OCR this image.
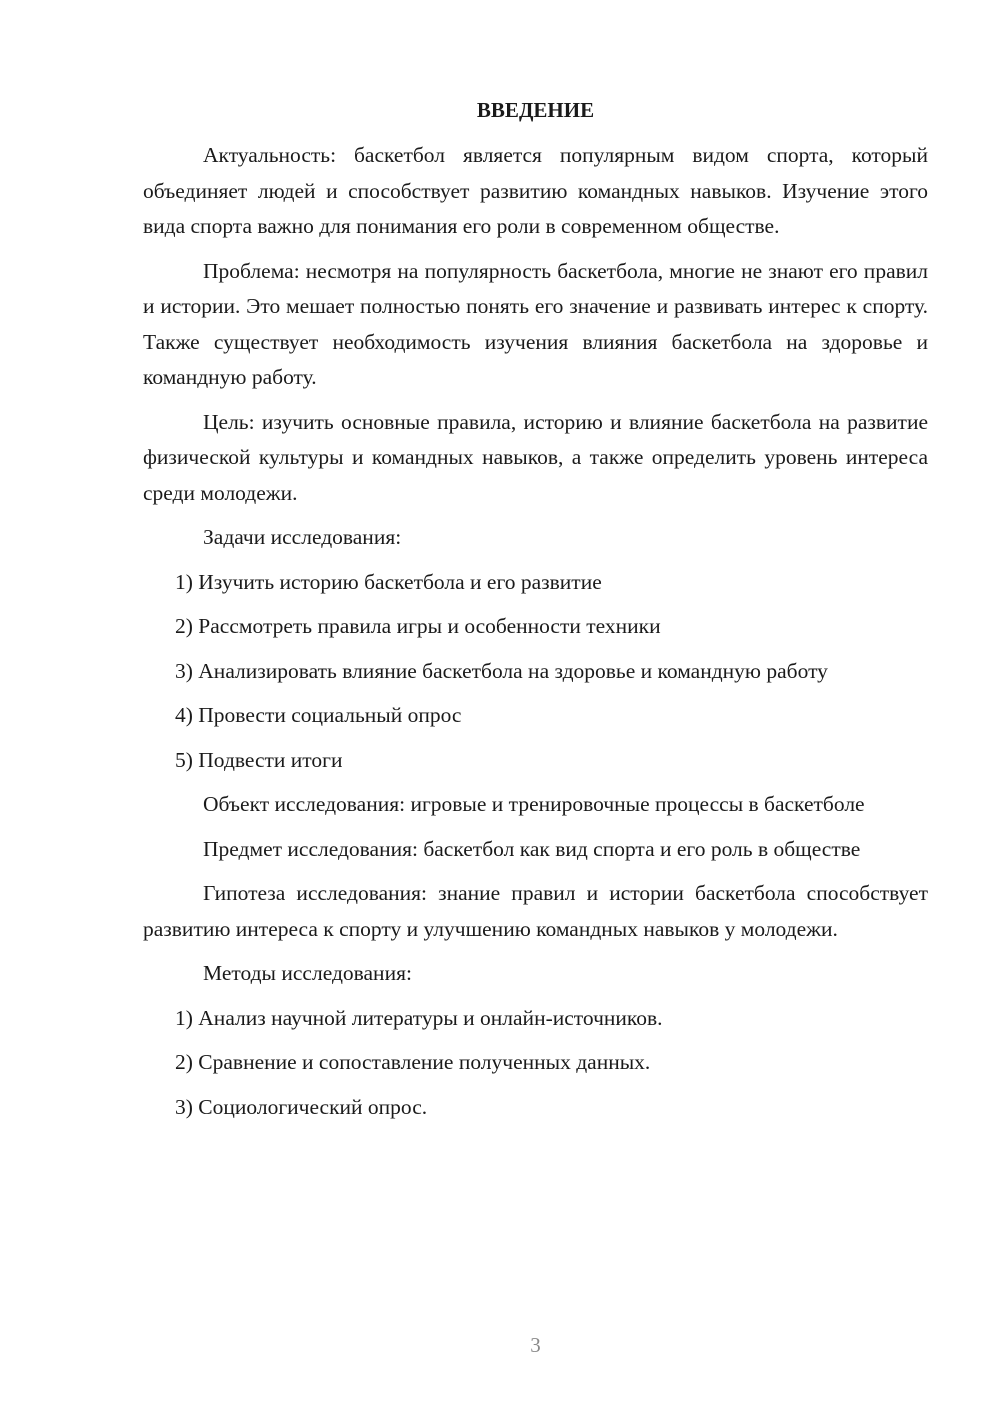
ВВЕДЕНИЕ

Актуальность: баскетбол является популярным видом спорта, который объединяет людей и способствует развитию командных навыков. Изучение этого вида спорта важно для понимания его роли в современном обществе.

Проблема: несмотря на популярность баскетбола, многие не знают его правил и истории. Это мешает полностью понять его значение и развивать интерес к спорту. Также существует необходимость изучения влияния баскетбола на здоровье и командную работу.

Цель: изучить основные правила, историю и влияние баскетбола на развитие физической культуры и командных навыков, а также определить уровень интереса среди молодежи.

Задачи исследования:

1) Изучить историю баскетбола и его развитие

2) Рассмотреть правила игры и особенности техники

3) Анализировать влияние баскетбола на здоровье и командную работу

4) Провести социальный опрос

5) Подвести итоги

Объект исследования: игровые и тренировочные процессы в баскетболе

Предмет исследования: баскетбол как вид спорта и его роль в обществе

Гипотеза исследования: знание правил и истории баскетбола способствует развитию интереса к спорту и улучшению командных навыков у молодежи.

Методы исследования:

1) Анализ научной литературы и онлайн-источников.

2) Сравнение и сопоставление полученных данных.

3) Социологический опрос.

3
